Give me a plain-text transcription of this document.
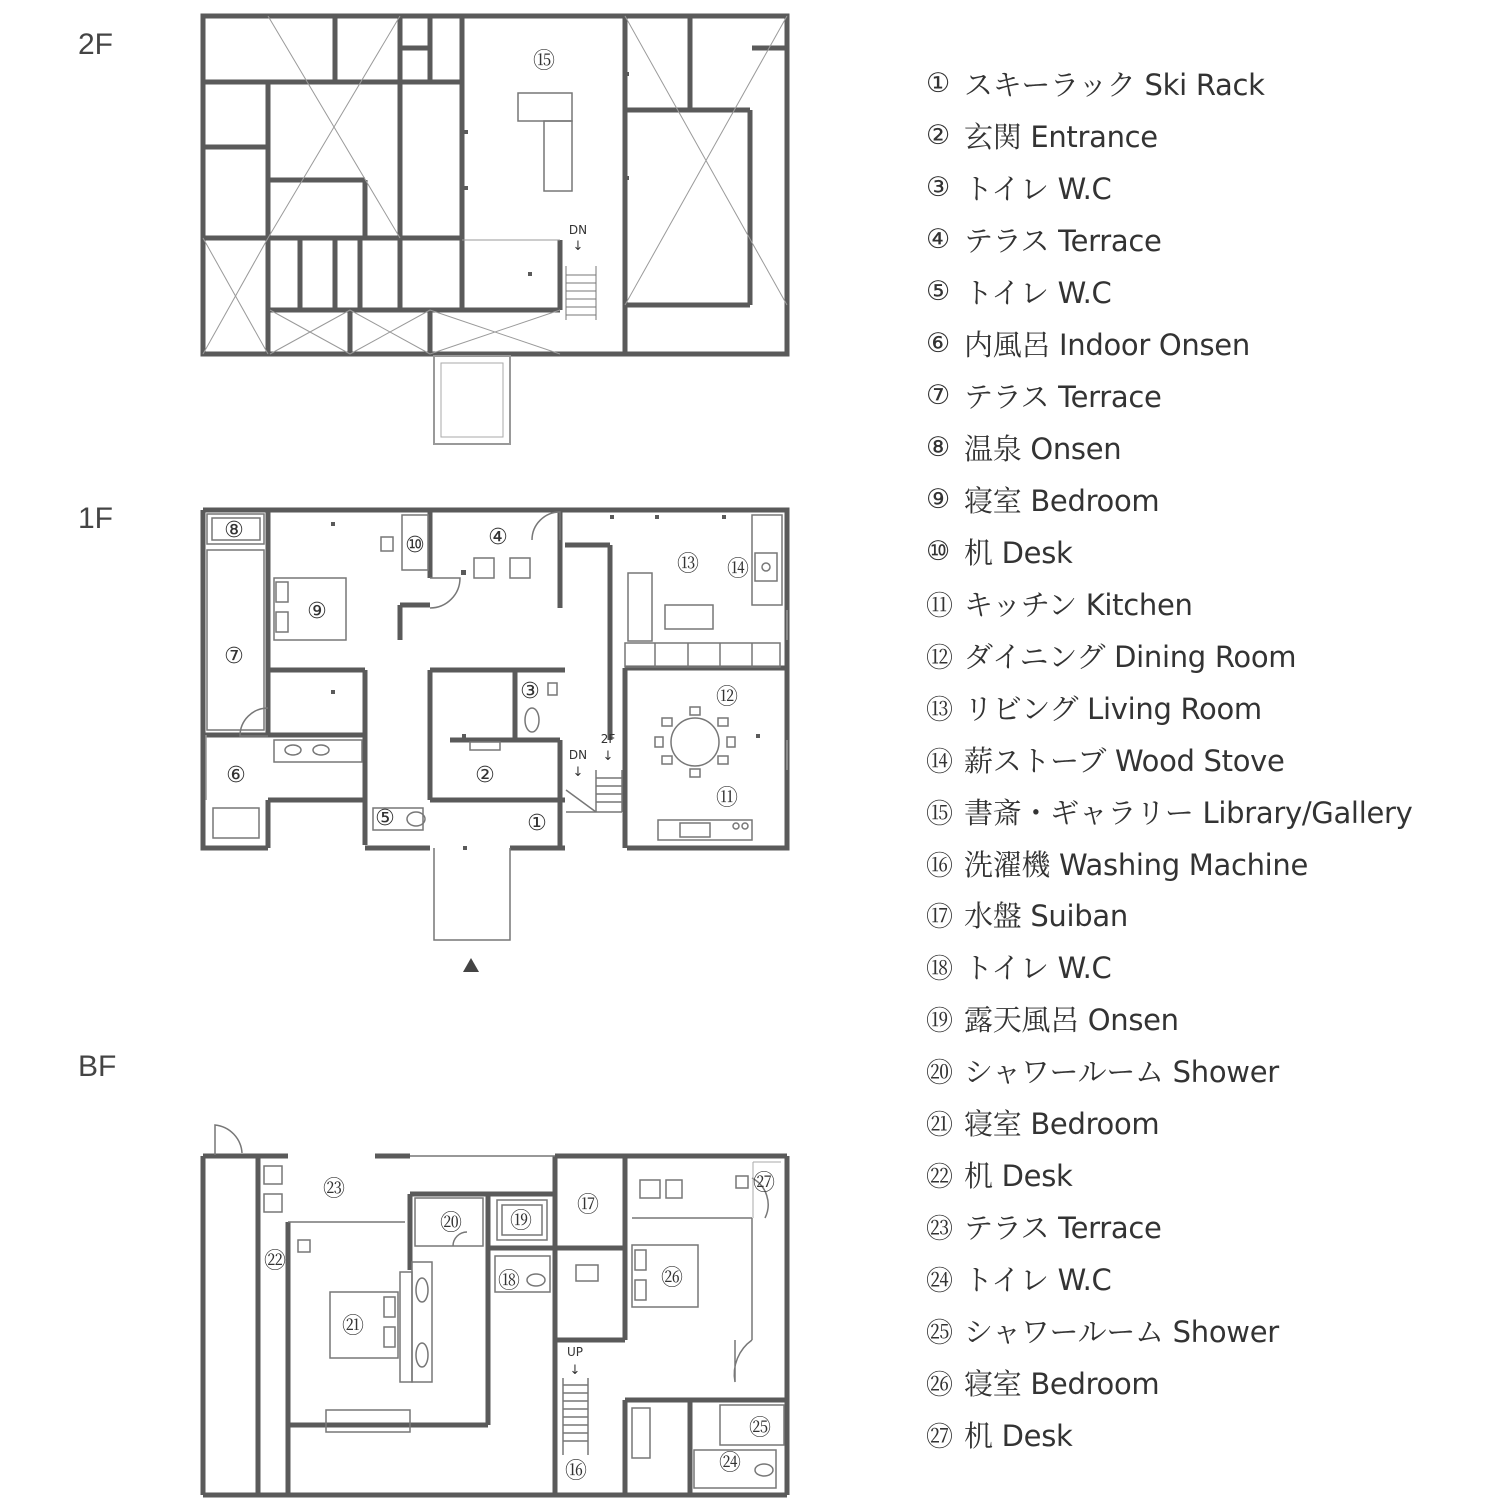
2F
1F
BF
⑮
DN
↓
⑧
⑨
⑩	④
⑬ ⑭
⑦
③	⑫
⑥	②
⑪
⑤	①
2F
↓
DN
↓
㉓
⑰
㉗
⑳ ⑲
㉒
⑱	㉖
㉑
㉕
㉔
⑯
UP
↓
① スキーラック Ski Rack
② 玄関 Entrance
③ トイレ W.C
④ テラス Terrace
⑤ トイレ W.C
⑥ 内風呂 Indoor Onsen
⑦ テラス Terrace
⑧ 温泉 Onsen
⑨ 寝室 Bedroom
⑩ 机 Desk
⑪ キッチン Kitchen
⑫ ダイニング Dining Room
⑬ リビング Living Room
⑭ 薪ストーブ Wood Stove
⑮ 書斎・ギャラリー Library/Gallery
⑯ 洗濯機 Washing Machine
⑰ 水盤 Suiban
⑱ トイレ W.C
⑲ 露天風呂 Onsen
⑳ シャワールーム Shower
㉑ 寝室 Bedroom
㉒ 机 Desk
㉓ テラス Terrace
㉔ トイレ W.C
㉕ シャワールーム Shower
㉖ 寝室 Bedroom
㉗ 机 Desk
